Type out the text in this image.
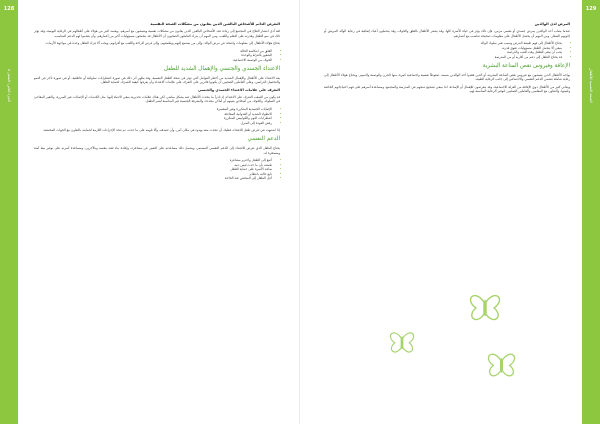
128
الجزء الثاني: الفصل ٨
التعرض الدائم للأشخاص البالغين الذين يعانون من مشكلات الصحة النفسية

لقد أدى انتشار العلاج في المجتمع إلى زيادة عدد الأشخاص البالغين الذين يعانون من مشكلات نفسية ويعيشون مع أسرهم. ويعتمد كثير من هؤلاء على أطفالهم في الرعاية اليومية، وقد يؤثر ذلك في نمو الطفل وقدرته على التعلم واللعب. ومن المهم أن يدرك العاملون الصحيون أن الأطفال قد يتحملون مسؤوليات أكبر من أعمارهم، وأن يقدموا لهم الدعم المناسب.

يحتاج هؤلاء الأطفال إلى معلومات واضحة عن مرض الوالد، وإلى من يستمع إليهم ويطمئنهم، وإلى فرص للراحة واللعب مع أقرانهم، ويجب ألا يُترك الطفل وحده في مواجهة الأزمات.

• القلق من انتكاسة الحالة
• الشعور بالعزلة والوحدة
• الخوف من الوصمة الاجتماعية
الاعتداء الجسدي والجنسي والإهمال الشديد للطفل

يعد الاعتداء على الأطفال والإهمال الشديد من أخطر العوامل التي تؤثر في صحة الطفل النفسية. وقد يظهر أثر ذلك في صورة اضطرابات سلوكية أو عاطفية، أو في صورة تأخر في النمو والتحصيل الدراسي. وعلى العاملين الصحيين أن يكونوا قادرين على التعرف على علامات الاعتداء وأن يعرفوا كيفية التصرف لحماية الطفل.

التعرف على علامات الاعتداء الجسدي والجنسي

قد يكون من الصعب التعرف على الاعتداء، إذ نادراً ما يتحدث الأطفال عنه بشكل مباشر. لكن هناك علامات تحذيرية ينبغي الانتباه إليها، مثل الكدمات أو الإصابات غير المبررة، والتغير المفاجئ في السلوك، والخوف من أشخاص بعينهم أو أماكن محددة، والمعرفة الجنسية غير المناسبة لعمر الطفل.

• الإصابات الجسدية المتكررة وغير المفسرة
• الانطواء الشديد أو العدوانية المفاجئة
• اضطرابات النوم والكوابيس المتكررة
• رفض العودة إلى المنزل

إذا اشتبهت في تعرض طفل للاعتداء، فعليك أن تتحدث معه بهدوء في مكان آمن، وأن تصدقه، وألا تلومه على ما حدث، ثم تتخذ الإجراءات اللازمة لحمايته بالتعاون مع الجهات المختصة.

الدعم النفسي

يحتاج الطفل الذي تعرض للاعتداء إلى الدعم النفسي المستمر، ويشمل ذلك مساعدته على التعبير عن مشاعره، وإعادة بناء ثقته بنفسه وبالآخرين، ومساعدة أسرته على توفير بيئة آمنة ومستقرة له.

• أصغ إلى الطفل واحترم مشاعره
• طمئنه بأن ما حدث ليس ذنبه
• ساعد الأسرة على حماية الطفل
• تابع حالته بانتظام
• أحِل الطفل إلى المختص عند الحاجة
129
الصحة النفسية للأطفال
المرض لدى الوالدين

عندما يصاب أحد الوالدين بمرض جسدي أو نفسي مزمن، فإن ذلك يؤثر في حياة الأسرة كلها. وقد يشعر الأطفال بالقلق والخوف، وقد يتحملون أعباء إضافية في رعاية الوالد المريض أو إخوتهم الصغار. ومن المهم أن يحصل الأطفال على معلومات صحيحة تتناسب مع أعمارهم.

• يحتاج الأطفال إلى فهم طبيعة المرض وسبب تغير سلوك الوالد
• ينبغي ألا يتحمل الطفل مسؤوليات تفوق قدرته
• يجب أن يبقى للطفل وقت للعب والدراسة
• قد يحتاج الطفل إلى دعم من أقاربه أو من المدرسة
الإعاقة وفيروس نقص المناعة البشرية

يواجه الأطفال الذين يعيشون مع فيروس نقص المناعة البشرية، أو الذين فقدوا أحد الوالدين بسببه، ضغوطاً نفسية واجتماعية كبيرة، منها الحزن والوصمة والتمييز. ويحتاج هؤلاء الأطفال إلى رعاية شاملة تتضمن الدعم النفسي والاجتماعي إلى جانب الرعاية الطبية.

ويعاني كثير من الأطفال ذوي الإعاقة من العزلة الاجتماعية، وقد يتعرضون للإهمال أو الإساءة. لذا ينبغي تشجيع دمجهم في المدرسة والمجتمع، ومساعدة أسرهم على فهم احتياجاتهم الخاصة وتلبيتها، والتعاون مع المعلمين والعاملين الصحيين لتوفير الرعاية المناسبة لهم.
